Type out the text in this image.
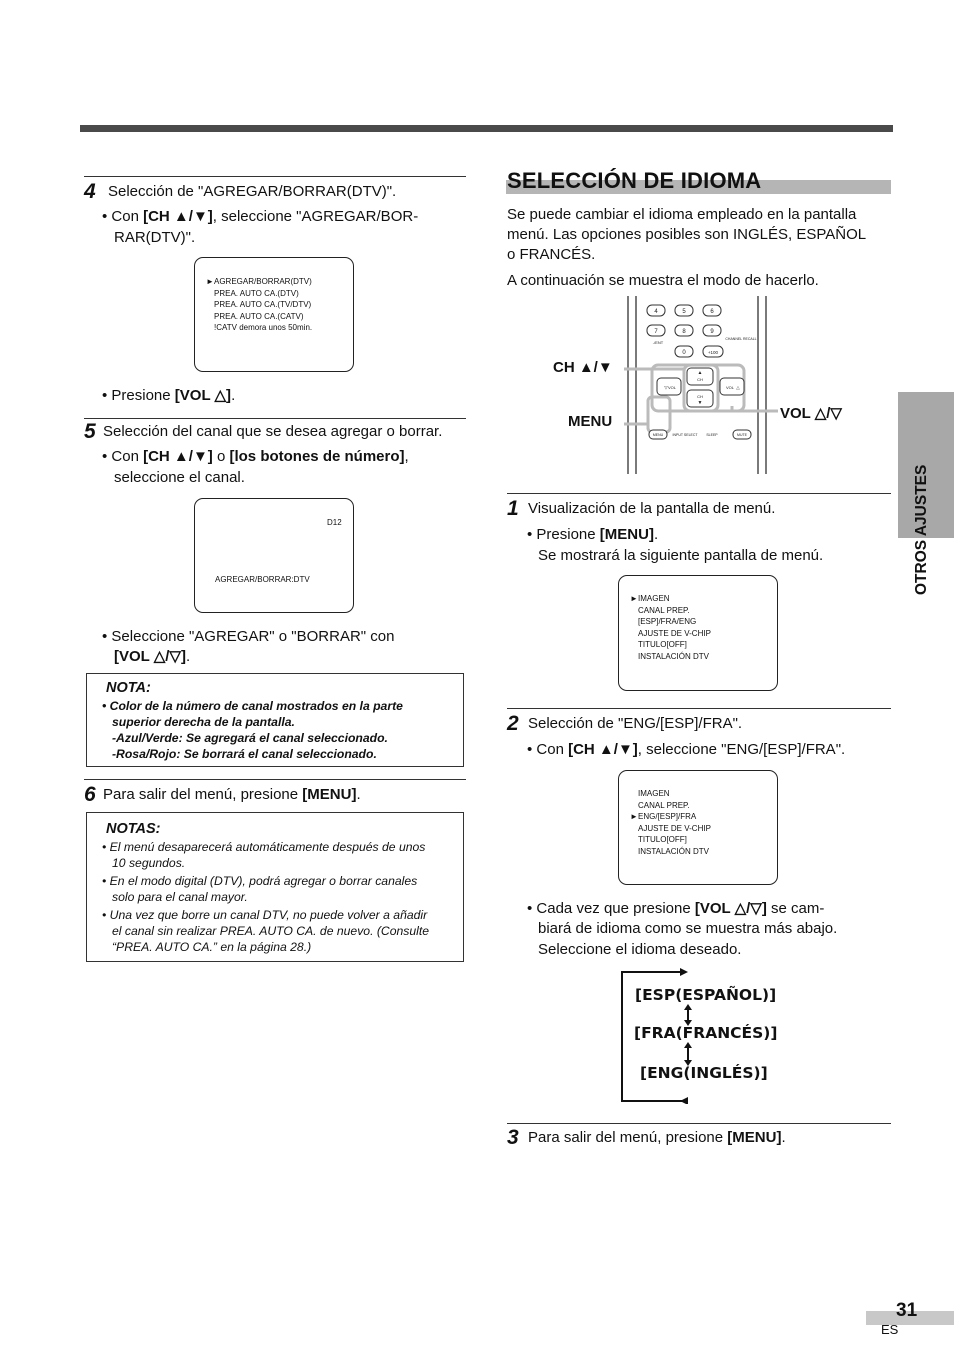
4 Selección de "AGREGAR/BORRAR(DTV)".
• Con [CH ▲/▼], seleccione "AGREGAR/BOR-
RAR(DTV)".
► AGREGAR/BORRAR(DTV)
PREA. AUTO CA.(DTV)
PREA. AUTO CA.(TV/DTV)
PREA. AUTO CA.(CATV)
!CATV demora unos 50min.
• Presione [VOL △].
5 Selección del canal que se desea agregar o borrar.
• Con [CH ▲/▼] o [los botones de número],
seleccione el canal.
D12
AGREGAR/BORRAR:DTV
• Seleccione "AGREGAR" o "BORRAR" con
[VOL △/▽].
NOTA:
• Color de la número de canal mostrados en la parte
superior derecha de la pantalla.
-Azul/Verde: Se agregará el canal seleccionado.
-Rosa/Rojo: Se borrará el canal seleccionado.
6 Para salir del menú, presione [MENU].
NOTAS:
• El menú desaparecerá automáticamente después de unos
10 segundos.
• En el modo digital (DTV), podrá agregar o borrar canales
solo para el canal mayor.
• Una vez que borre un canal DTV, no puede volver a añadir
el canal sin realizar PREA. AUTO CA. de nuevo. (Consulte
“PREA. AUTO CA.” en la página 28.)
SELECCIÓN DE IDIOMA
Se puede cambiar el idioma empleado en la pantalla
menú. Las opciones posibles son INGLÉS, ESPAÑOL
o FRANCÉS.
A continuación se muestra el modo de hacerlo.
4	5	6
7	8	9
0	+100
-/ENT
CHANNEL RECALL
▲
CH
CH
▼
▽ VOL	VOL △
MENU	INPUT SELECT	SLEEP	MUTE
CH ▲/▼
MENU	VOL △/▽
1 Visualización de la pantalla de menú.
• Presione [MENU].
Se mostrará la siguiente pantalla de menú.
► IMAGEN
CANAL PREP.
[ESP]/FRA/ENG
AJUSTE DE V-CHIP
TITULO[OFF]
INSTALACIÓN DTV
2 Selección de "ENG/[ESP]/FRA".
• Con [CH ▲/▼], seleccione "ENG/[ESP]/FRA".
►
IMAGEN
CANAL PREP.
ENG/[ESP]/FRA
AJUSTE DE V-CHIP
TITULO[OFF]
INSTALACIÓN DTV
• Cada vez que presione [VOL △/▽] se cam-
biará de idioma como se muestra más abajo.
Seleccione el idioma deseado.
[ESP(ESPAÑOL)]
[FRA(FRANCÉS)]
[ENG(INGLÉS)]
3 Para salir del menú, presione [MENU].
OTROS AJUSTES
31
ES
